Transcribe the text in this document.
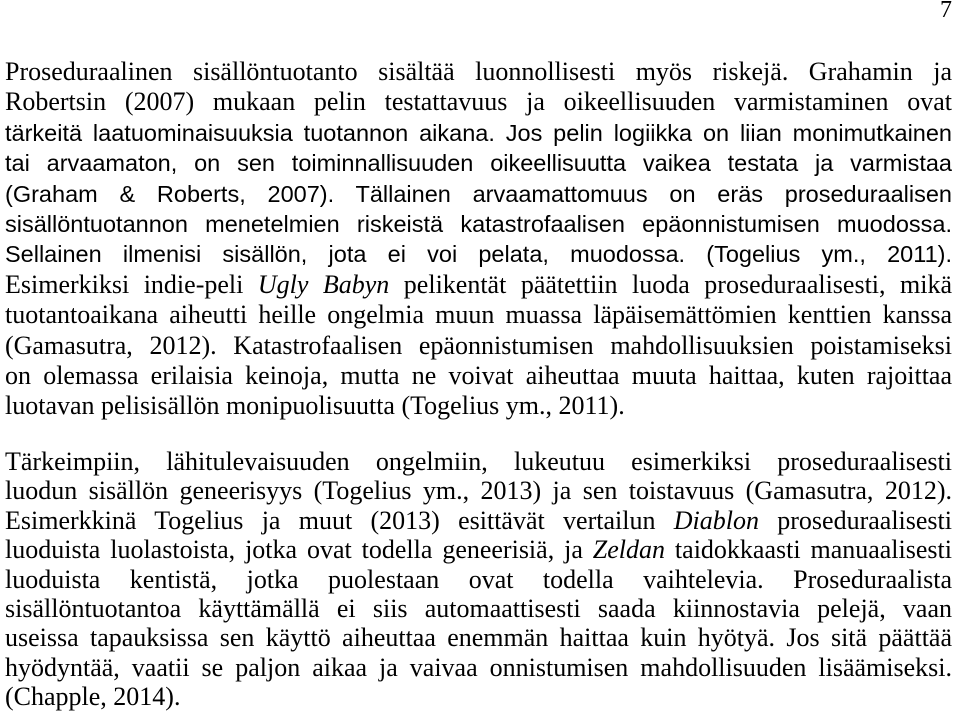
7
Proseduraalinen sisällöntuotanto sisältää luonnollisesti myös riskejä. Grahamin ja
Robertsin (2007) mukaan pelin testattavuus ja oikeellisuuden varmistaminen ovat
tärkeitä laatuominaisuuksia tuotannon aikana. Jos pelin logiikka on liian monimutkainen
tai arvaamaton, on sen toiminnallisuuden oikeellisuutta vaikea testata ja varmistaa
(Graham & Roberts, 2007). Tällainen arvaamattomuus on eräs proseduraalisen
sisällöntuotannon menetelmien riskeistä katastrofaalisen epäonnistumisen muodossa.
Sellainen ilmenisi sisällön, jota ei voi pelata, muodossa. (Togelius ym., 2011).
Esimerkiksi indie-peli Ugly Babyn pelikentät päätettiin luoda proseduraalisesti, mikä
tuotantoaikana aiheutti heille ongelmia muun muassa läpäisemättömien kenttien kanssa
(Gamasutra, 2012). Katastrofaalisen epäonnistumisen mahdollisuuksien poistamiseksi
on olemassa erilaisia keinoja, mutta ne voivat aiheuttaa muuta haittaa, kuten rajoittaa
luotavan pelisisällön monipuolisuutta (Togelius ym., 2011).
Tärkeimpiin, lähitulevaisuuden ongelmiin, lukeutuu esimerkiksi proseduraalisesti
luodun sisällön geneerisyys (Togelius ym., 2013) ja sen toistavuus (Gamasutra, 2012).
Esimerkkinä Togelius ja muut (2013) esittävät vertailun Diablon proseduraalisesti
luoduista luolastoista, jotka ovat todella geneerisiä, ja Zeldan taidokkaasti manuaalisesti
luoduista kentistä, jotka puolestaan ovat todella vaihtelevia. Proseduraalista
sisällöntuotantoa käyttämällä ei siis automaattisesti saada kiinnostavia pelejä, vaan
useissa tapauksissa sen käyttö aiheuttaa enemmän haittaa kuin hyötyä. Jos sitä päättää
hyödyntää, vaatii se paljon aikaa ja vaivaa onnistumisen mahdollisuuden lisäämiseksi.
(Chapple, 2014).
